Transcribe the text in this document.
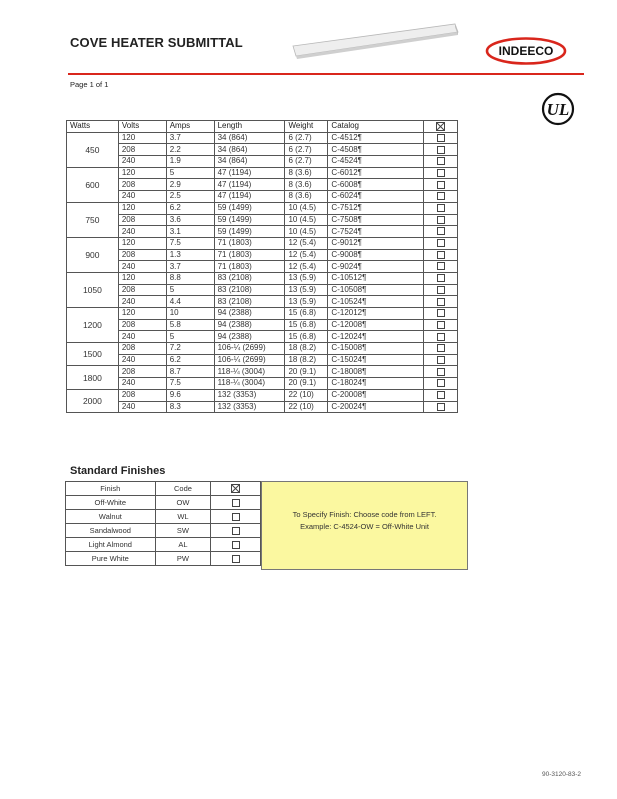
COVE HEATER SUBMITTAL
INDEECO
Page 1 of 1
UL
Watts	Volts	Amps	Length	Weight	Catalog	
450	120	3.7	34 (864)	6 (2.7)	C-4512¶	
	208	2.2	34 (864)	6 (2.7)	C-4508¶	
	240	1.9	34 (864)	6 (2.7)	C-4524¶	
600	120	5	47 (1194)	8 (3.6)	C-6012¶	
	208	2.9	47 (1194)	8 (3.6)	C-6008¶	
	240	2.5	47 (1194)	8 (3.6)	C-6024¶	
750	120	6.2	59 (1499)	10 (4.5)	C-7512¶	
	208	3.6	59 (1499)	10 (4.5)	C-7508¶	
	240	3.1	59 (1499)	10 (4.5)	C-7524¶	
900	120	7.5	71 (1803)	12 (5.4)	C-9012¶	
	208	1.3	71 (1803)	12 (5.4)	C-9008¶	
	240	3.7	71 (1803)	12 (5.4)	C-9024¶	
1050	120	8.8	83 (2108)	13 (5.9)	C-10512¶	
	208	5	83 (2108)	13 (5.9)	C-10508¶	
	240	4.4	83 (2108)	13 (5.9)	C-10524¶	
1200	120	10	94 (2388)	15 (6.8)	C-12012¶	
	208	5.8	94 (2388)	15 (6.8)	C-12008¶	
	240	5	94 (2388)	15 (6.8)	C-12024¶	
1500	208	7.2	106-¼ (2699)	18 (8.2)	C-15008¶	
	240	6.2	106-¼ (2699)	18 (8.2)	C-15024¶	
1800	208	8.7	118-¼ (3004)	20 (9.1)	C-18008¶	
	240	7.5	118-¼ (3004)	20 (9.1)	C-18024¶	
2000	208	9.6	132 (3353)	22 (10)	C-20008¶	
	240	8.3	132 (3353)	22 (10)	C-20024¶	
Standard Finishes
Finish	Code	
Off-White	OW	
Walnut	WL	
Sandalwood	SW	
Light Almond	AL	
Pure White	PW	
To Specify Finish: Choose code from LEFT.
Example: C-4524-OW = Off-White Unit
90-3120-83-2
